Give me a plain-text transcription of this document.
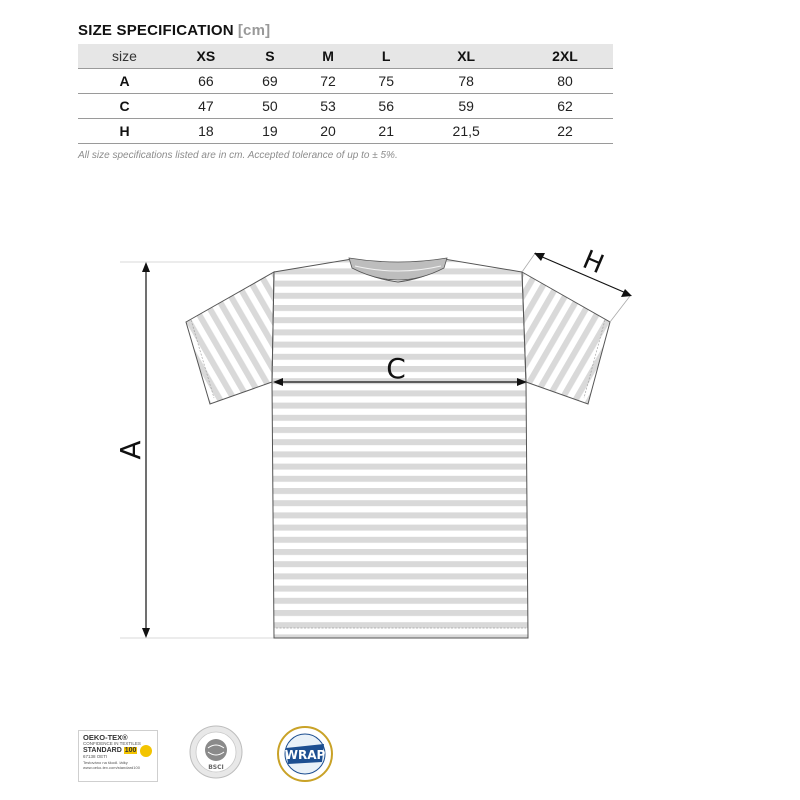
SIZE SPECIFICATION [cm]
size	XS	S	M	L	XL	2XL
A	66	69	72	75	78	80
C	47	50	53	56	59	62
H	18	19	20	21	21,5	22
All size specifications listed are in cm. Accepted tolerance of up to ± 5%.
A
C
H
OEKO-TEX®
CONFIDENCE IN TEXTILES
STANDARD 100
67138 OETI
Testováno na škodl. látky
www.oeko-tex.com/standard100	BSCI
WRAP
